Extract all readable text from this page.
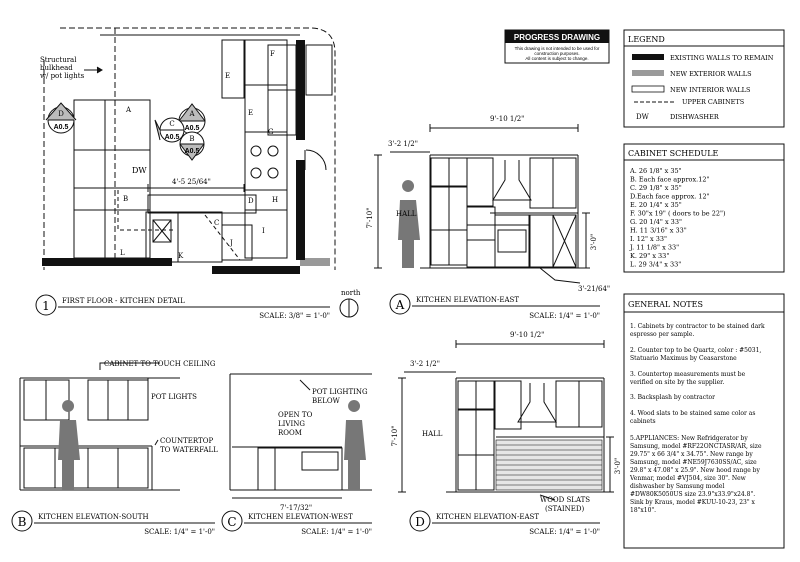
Structural
bulkhead
w/ pot lights
4'-5 25/64"
DW
D
A0.5
A
A0.5
C
A0.5 B
A0.5
A
B
C
E
F
G
H
I
J
K
L
E
D
1 FIRST FLOOR - KITCHEN DETAIL
SCALE: 3/8" = 1'-0"
north
9'-10 1/2"
3'-2 1/2"
7'-10"
3'-0"
3'-21/64"
HALL
A KITCHEN ELEVATION-EAST
SCALE: 1/4" = 1'-0"
CABINET TO TOUCH CEILING
POT LIGHTS
COUNTERTOP
TO WATERFALL
B KITCHEN ELEVATION-SOUTH
SCALE: 1/4" = 1'-0"
POT LIGHTING
BELOW
OPEN TO
LIVING
ROOM
7'-17/32"
C KITCHEN ELEVATION-WEST
SCALE: 1/4" = 1'-0"
9'-10 1/2"
3'-2 1/2"
7'-10"
3'-0"
HALL
WOOD SLATS
(STAINED)
D KITCHEN ELEVATION-EAST
SCALE: 1/4" = 1'-0"
PROGRESS DRAWING
This drawing is not intended to be used for
construction purposes.
All content is subject to change.
LEGEND
EXISTING WALLS TO REMAIN
NEW EXTERIOR WALLS
NEW INTERIOR WALLS
UPPER CABINETS
DW	DISHWASHER
CABINET SCHEDULE
A. 26 1/8" x 35"
B. Each face approx.12"
C. 29 1/8" x 35"
D.Each face approx. 12"
E. 20 1/4" x 35"
F. 30"x 19" ( doors to be 22")
G. 20 1/4" x 33"
H. 11 3/16" x 33"
I. 12" x 33"
J. 11 1/8" x 33"
K. 29" x 33"
L. 29 3/4" x 33"
GENERAL NOTES
1. Cabinets by contractor to be stained dark
espresso per sample.
2. Counter top to be Quartz, color : #5031,
Statuario Maximus by Ceasarstone
3. Countertop measurements must be
verified on site by the supplier.
3. Backsplash by contractor
4. Wood slats to be stained same color as
cabinets
5.APPLIANCES: New Refridgerator by
Samsung, model #RF22ONCTASR/AR, size
29.75" x 66 3/4" x 34.75". New range by
Samsung, model #NE59J7630SS/AC, size
29.8" x 47.08" x 25.9". New hood range by
Venmar, model #VJ504, size 30". New
dishwasher by Samsung model
#DW80K5050US size 23.9"x33.9"x24.8".
Sink by Kraus, model #KUU-10-23, 23" x
18"x10".
